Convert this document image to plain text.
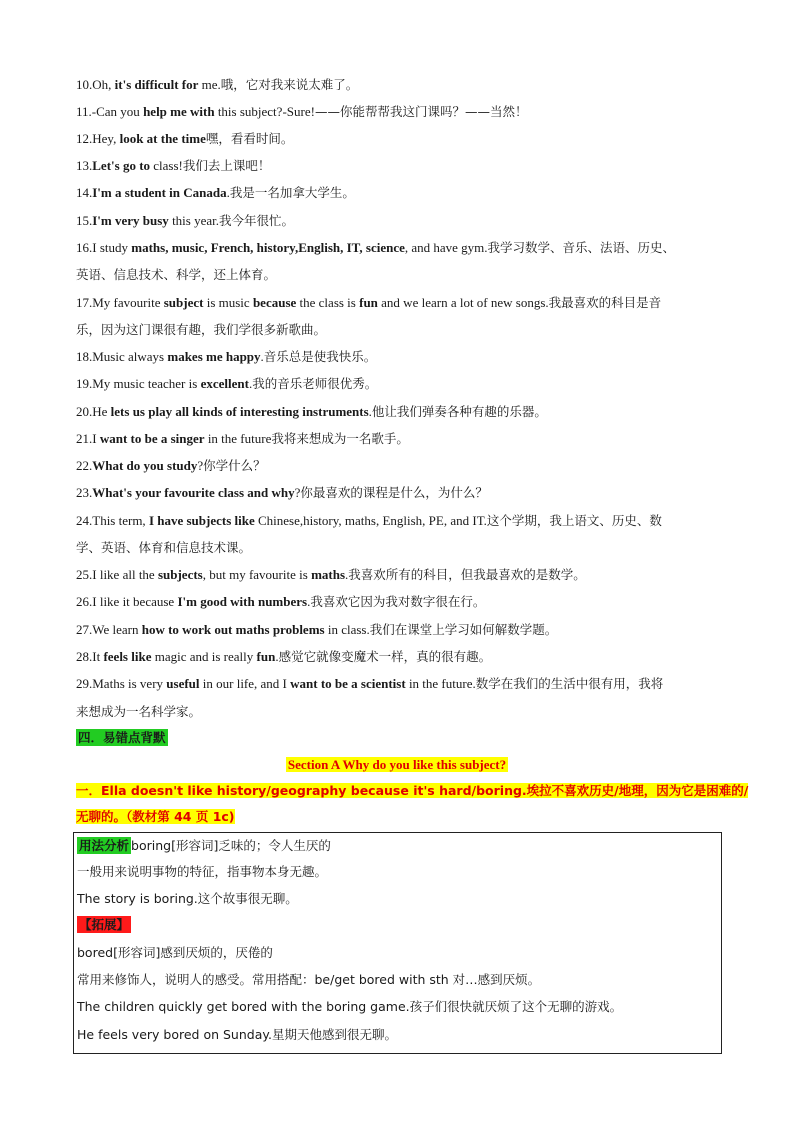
10.Oh, it's difficult for me.哦，它对我来说太难了。
11.-Can you help me with this subject?-Sure!——你能帮帮我这门课吗？——当然！
12.Hey, look at the time嘿，看看时间。
13.Let's go to class!我们去上课吧！
14.I'm a student in Canada.我是一名加拿大学生。
15.I'm very busy this year.我今年很忙。
16.I study maths, music, French, history,English, IT, science, and have gym.我学习数学、音乐、法语、历史、
英语、信息技术、科学，还上体育。
17.My favourite subject is music because the class is fun and we learn a lot of new songs.我最喜欢的科目是音
乐，因为这门课很有趣，我们学很多新歌曲。
18.Music always makes me happy.音乐总是使我快乐。
19.My music teacher is excellent.我的音乐老师很优秀。
20.He lets us play all kinds of interesting instruments.他让我们弹奏各种有趣的乐器。
21.I want to be a singer in the future我将来想成为一名歌手。
22.What do you study?你学什么？
23.What's your favourite class and why?你最喜欢的课程是什么，为什么？
24.This term, I have subjects like Chinese,history, maths, English, PE, and IT.这个学期，我上语文、历史、数
学、英语、体育和信息技术课。
25.I like all the subjects, but my favourite is maths.我喜欢所有的科目，但我最喜欢的是数学。
26.I like it because I'm good with numbers.我喜欢它因为我对数字很在行。
27.We learn how to work out maths problems in class.我们在课堂上学习如何解数学题。
28.It feels like magic and is really fun.感觉它就像变魔术一样，真的很有趣。
29.Maths is very useful in our life, and I want to be a scientist in the future.数学在我们的生活中很有用，我将
来想成为一名科学家。
四．易错点背默
Section A Why do you like this subject?
一．Ella doesn't like history/geography because it's hard/boring.埃拉不喜欢历史/地理，因为它是困难的/
无聊的。（教材第 44 页 1c)
用法分析 boring[形容词]乏味的；令人生厌的
一般用来说明事物的特征，指事物本身无趣。
The story is boring.这个故事很无聊。
【拓展】
bored[形容词]感到厌烦的，厌倦的
常用来修饰人，说明人的感受。常用搭配：be/get bored with sth 对…感到厌烦。
The children quickly get bored with the boring game.孩子们很快就厌烦了这个无聊的游戏。
He feels very bored on Sunday.星期天他感到很无聊。
